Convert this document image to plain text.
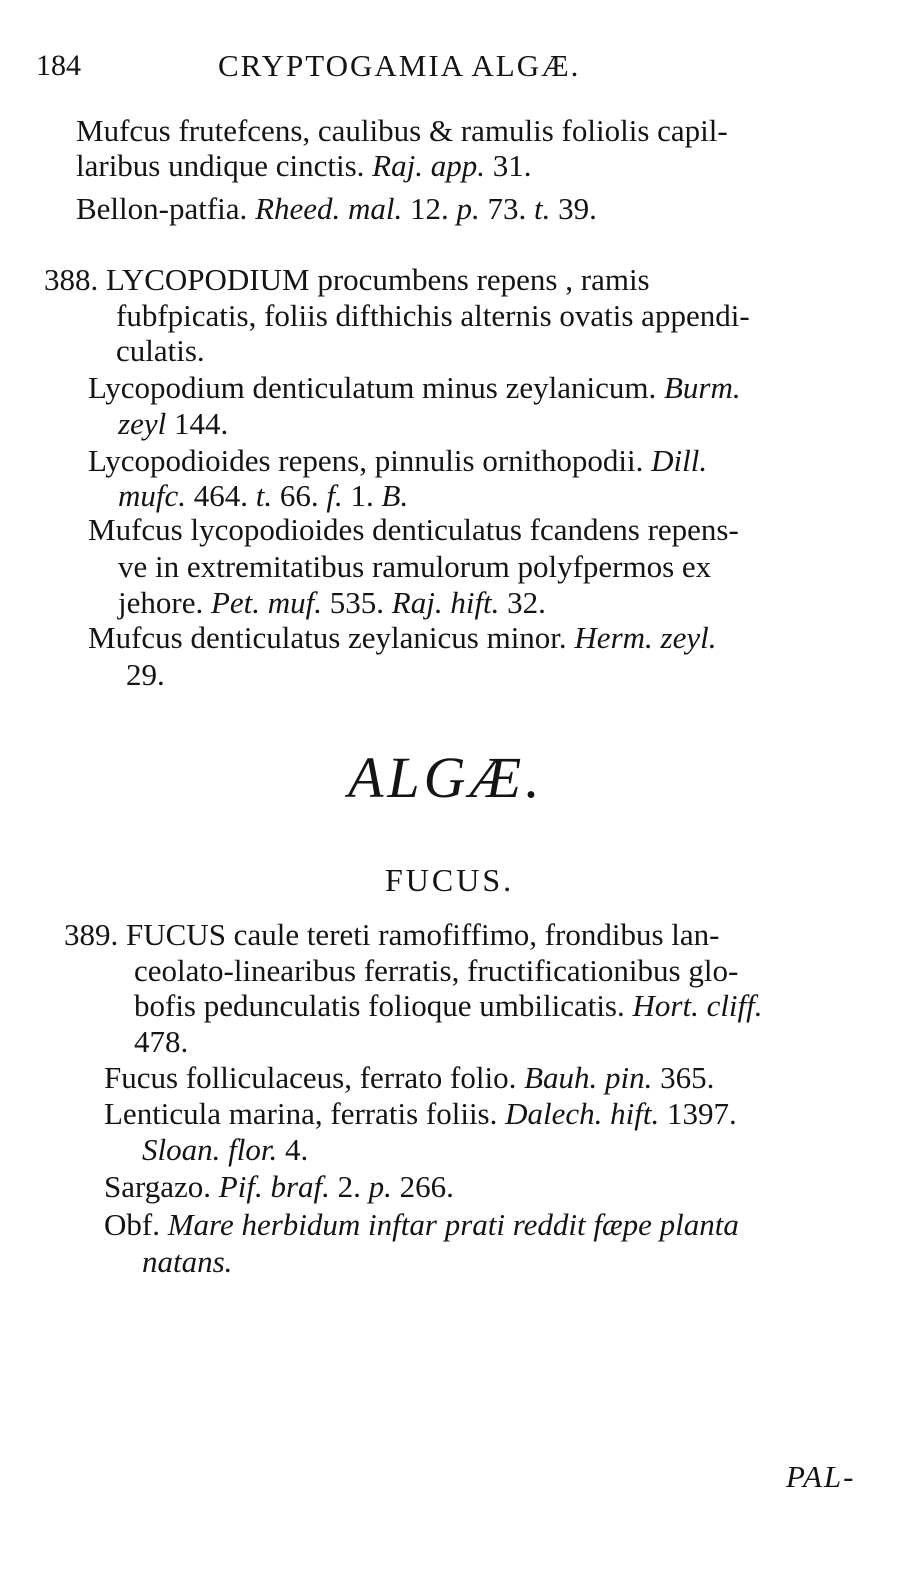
184	CRYPTOGAMIA ALGÆ.
Mufcus frutefcens, caulibus & ramulis foliolis capil-
laribus undique cinctis. Raj. app. 31.
Bellon-patfia. Rheed. mal. 12. p. 73. t. 39.
388. LYCOPODIUM procumbens repens , ramis
fubfpicatis, foliis difthichis alternis ovatis appendi-
culatis.
Lycopodium denticulatum minus zeylanicum. Burm.
zeyl 144.
Lycopodioides repens, pinnulis ornithopodii. Dill.
mufc. 464. t. 66. f. 1. B.
Mufcus lycopodioides denticulatus fcandens repens-
ve in extremitatibus ramulorum polyfpermos ex
jehore. Pet. muf. 535. Raj. hift. 32.
Mufcus denticulatus zeylanicus minor. Herm. zeyl.
29.
ALGÆ.
FUCUS.
389. FUCUS caule tereti ramofiffimo, frondibus lan-
ceolato-linearibus ferratis, fructificationibus glo-
bofis pedunculatis folioque umbilicatis. Hort. cliff.
478.
Fucus folliculaceus, ferrato folio. Bauh. pin. 365.
Lenticula marina, ferratis foliis. Dalech. hift. 1397.
Sloan. flor. 4.
Sargazo. Pif. braf. 2. p. 266.
Obf. Mare herbidum inftar prati reddit fæpe planta
natans.
PAL-
